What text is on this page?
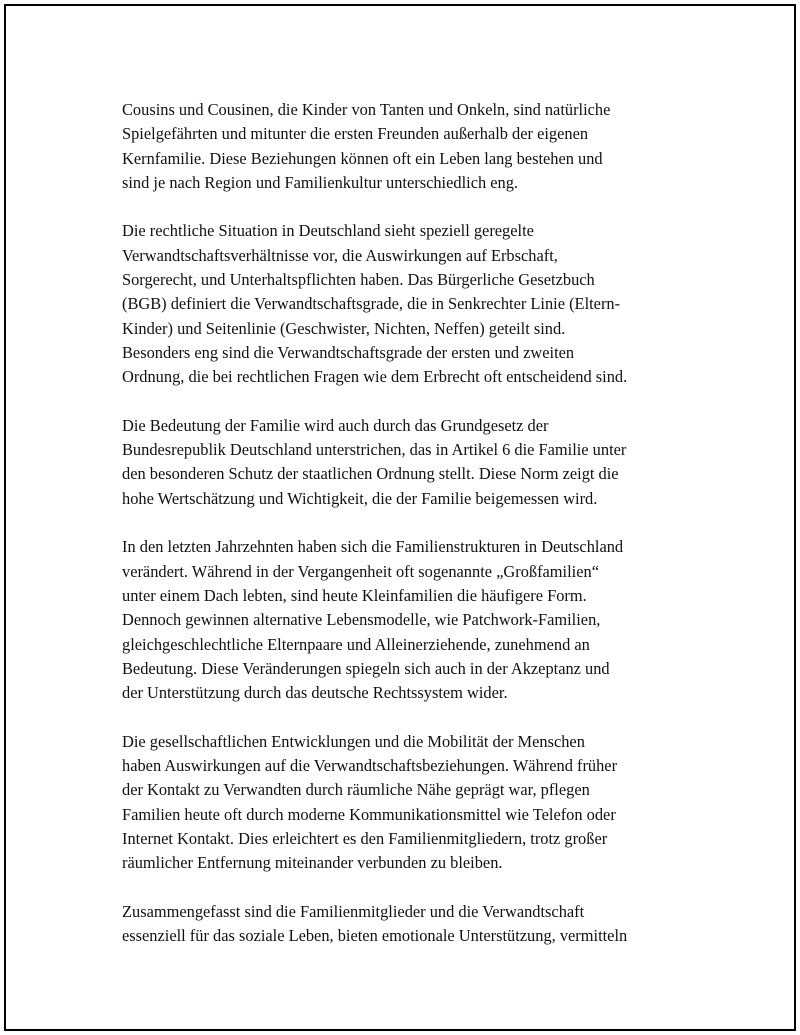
Cousins und Cousinen, die Kinder von Tanten und Onkeln, sind natürliche
Spielgefährten und mitunter die ersten Freunden außerhalb der eigenen
Kernfamilie. Diese Beziehungen können oft ein Leben lang bestehen und
sind je nach Region und Familienkultur unterschiedlich eng.

Die rechtliche Situation in Deutschland sieht speziell geregelte
Verwandtschaftsverhältnisse vor, die Auswirkungen auf Erbschaft,
Sorgerecht, und Unterhaltspflichten haben. Das Bürgerliche Gesetzbuch
(BGB) definiert die Verwandtschaftsgrade, die in Senkrechter Linie (Eltern-
Kinder) und Seitenlinie (Geschwister, Nichten, Neffen) geteilt sind.
Besonders eng sind die Verwandtschaftsgrade der ersten und zweiten
Ordnung, die bei rechtlichen Fragen wie dem Erbrecht oft entscheidend sind.

Die Bedeutung der Familie wird auch durch das Grundgesetz der
Bundesrepublik Deutschland unterstrichen, das in Artikel 6 die Familie unter
den besonderen Schutz der staatlichen Ordnung stellt. Diese Norm zeigt die
hohe Wertschätzung und Wichtigkeit, die der Familie beigemessen wird.

In den letzten Jahrzehnten haben sich die Familienstrukturen in Deutschland
verändert. Während in der Vergangenheit oft sogenannte „Großfamilien“
unter einem Dach lebten, sind heute Kleinfamilien die häufigere Form.
Dennoch gewinnen alternative Lebensmodelle, wie Patchwork-Familien,
gleichgeschlechtliche Elternpaare und Alleinerziehende, zunehmend an
Bedeutung. Diese Veränderungen spiegeln sich auch in der Akzeptanz und
der Unterstützung durch das deutsche Rechtssystem wider.

Die gesellschaftlichen Entwicklungen und die Mobilität der Menschen
haben Auswirkungen auf die Verwandtschaftsbeziehungen. Während früher
der Kontakt zu Verwandten durch räumliche Nähe geprägt war, pflegen
Familien heute oft durch moderne Kommunikationsmittel wie Telefon oder
Internet Kontakt. Dies erleichtert es den Familienmitgliedern, trotz großer
räumlicher Entfernung miteinander verbunden zu bleiben.

Zusammengefasst sind die Familienmitglieder und die Verwandtschaft
essenziell für das soziale Leben, bieten emotionale Unterstützung, vermitteln
